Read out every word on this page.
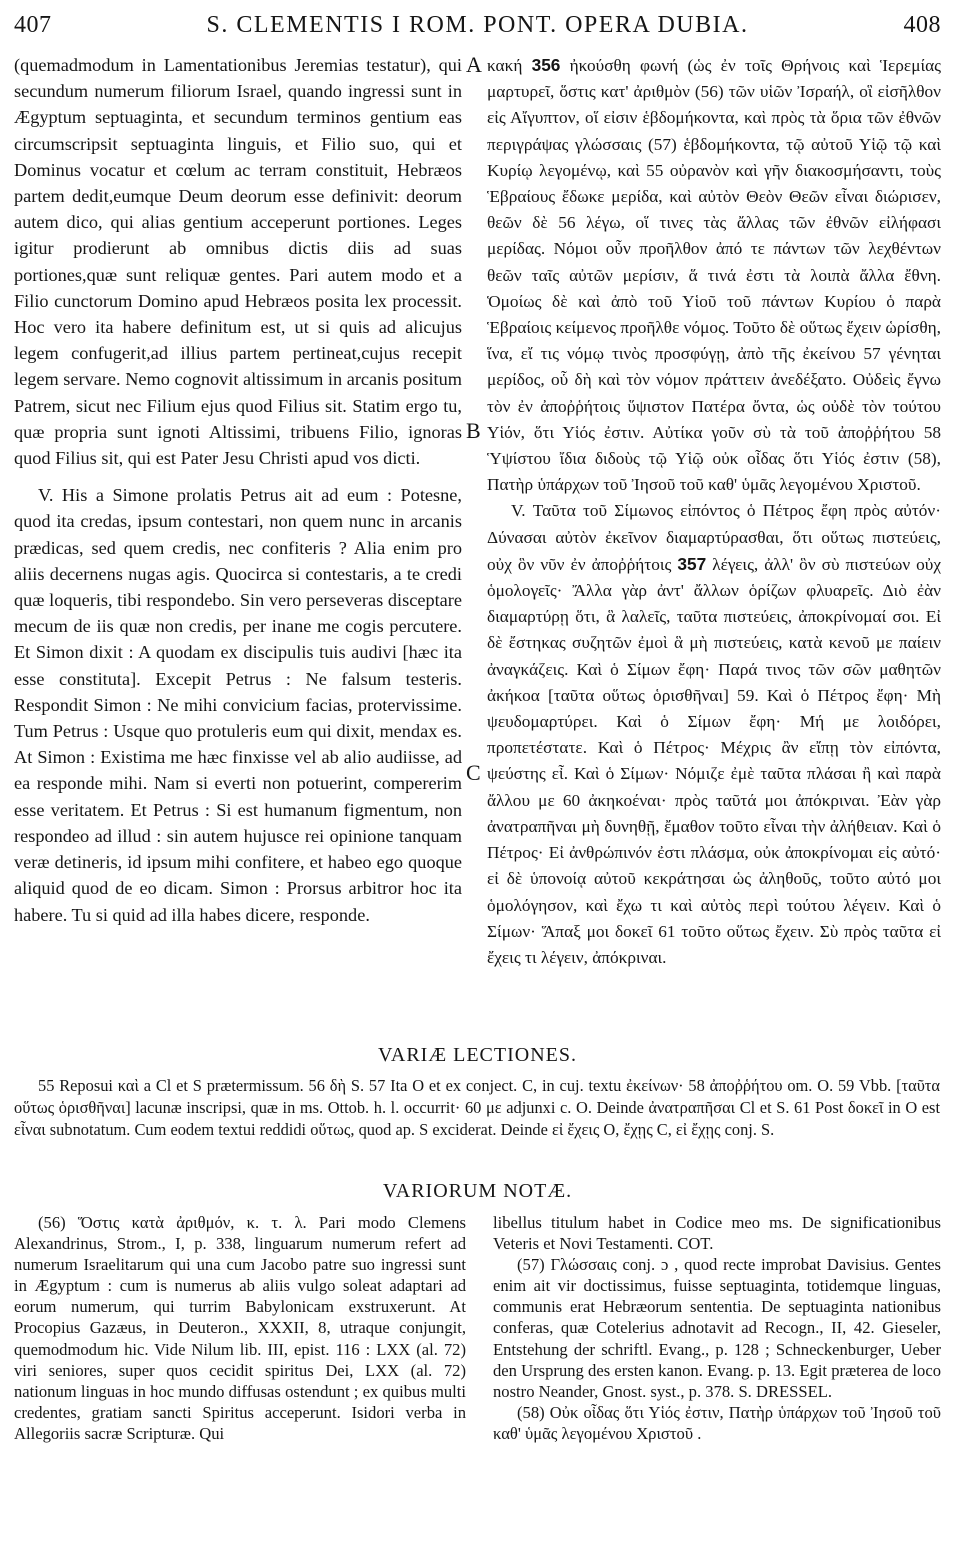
407	S. CLEMENTIS I ROM. PONT. OPERA DUBIA.	408

(quemadmodum in Lamentationibus Jeremias testatur), qui secundum numerum filiorum Israel, quando ingressi sunt in Ægyptum septuaginta, et secundum terminos gentium eas circumscripsit septuaginta linguis, et Filio suo, qui et Dominus vocatur et cœlum ac terram constituit, Hebræos partem dedit,eumque Deum deorum esse definivit: deorum autem dico, qui alias gentium acceperunt portiones. Leges igitur prodierunt ab omnibus dictis diis ad suas portiones,quæ sunt reliquæ gentes. Pari autem modo et a Filio cunctorum Domino apud Hebræos posita lex processit. Hoc vero ita habere definitum est, ut si quis ad alicujus legem confugerit,ad illius partem pertineat,cujus recepit legem servare. Nemo cognovit altissimum in arcanis positum Patrem, sicut nec Filium ejus quod Filius sit. Statim ergo tu, quæ propria sunt ignoti Altissimi, tribuens Filio, ignoras quod Filius sit, qui est Pater Jesu Christi apud vos dicti.

V. His a Simone prolatis Petrus ait ad eum : Potesne, quod ita credas, ipsum contestari, non quem nunc in arcanis prædicas, sed quem credis, nec confiteris ? Alia enim pro aliis decernens nugas agis. Quocirca si contestaris, a te credi quæ loqueris, tibi respondebo. Sin vero perseveras disceptare mecum de iis quæ non credis, per inane me cogis percutere. Et Simon dixit : A quodam ex discipulis tuis audivi [hæc ita esse constituta]. Excepit Petrus : Ne falsum testeris. Respondit Simon : Ne mihi convicium facias, protervissime. Tum Petrus : Usque quo protuleris eum qui dixit, mendax es. At Simon : Existima me hæc finxisse vel ab alio audiisse, ad ea responde mihi. Nam si everti non potuerint, compererim esse veritatem. Et Petrus : Si est humanum figmentum, non respondeo ad illud : sin autem hujusce rei opinione tanquam veræ detineris, id ipsum mihi confitere, et habeo ego quoque aliquid quod de eo dicam. Simon : Prorsus arbitror hoc ita habere. Tu si quid ad illa habes dicere, responde.

A
B
C

κακή 356 ἠκούσθη φωνή (ὡς ἐν τοῖς Θρήνοις καὶ Ἱερεμίας μαρτυρεῖ, ὅστις κατ' ἀριθμὸν (56) τῶν υἱῶν Ἰσραήλ, οἳ εἰσῆλθον εἰς Αἴγυπτον, οἵ εἰσιν ἑβδομήκοντα, καὶ πρὸς τὰ ὅρια τῶν ἐθνῶν περιγράψας γλώσσαις (57) ἑβδομήκοντα, τῷ αὐτοῦ Υἱῷ τῷ καὶ Κυρίῳ λεγομένῳ, καὶ 55 οὐρανὸν καὶ γῆν διακοσμήσαντι, τοὺς Ἑβραίους ἔδωκε μερίδα, καὶ αὐτὸν Θεὸν Θεῶν εἶναι διώρισεν, θεῶν δὲ 56 λέγω, οἵ τινες τὰς ἄλλας τῶν ἐθνῶν εἰλήφασι μερίδας. Νόμοι οὖν προῆλθον ἀπό τε πάντων τῶν λεχθέντων θεῶν ταῖς αὐτῶν μερίσιν, ἅ τινά ἐστι τὰ λοιπὰ ἄλλα ἔθνη. Ὁμοίως δὲ καὶ ἀπὸ τοῦ Υἱοῦ τοῦ πάντων Κυρίου ὁ παρὰ Ἑβραίοις κείμενος προῆλθε νόμος. Τοῦτο δὲ οὕτως ἔχειν ὡρίσθη, ἵνα, εἴ τις νόμῳ τινὸς προσφύγῃ, ἀπὸ τῆς ἐκείνου 57 γένηται μερίδος, οὗ δὴ καὶ τὸν νόμον πράττειν ἀνεδέξατο. Οὐδεὶς ἔγνω τὸν ἐν ἀποῤῥήτοις ὕψιστον Πατέρα ὄντα, ὡς οὐδὲ τὸν τούτου Υἱόν, ὅτι Υἱός ἐστιν. Αὐτίκα γοῦν σὺ τὰ τοῦ ἀποῤῥήτου 58 Ὑψίστου ἴδια διδοὺς τῷ Υἱῷ οὐκ οἶδας ὅτι Υἱός ἐστιν (58), Πατὴρ ὑπάρχων τοῦ Ἰησοῦ τοῦ καθ' ὑμᾶς λεγομένου Χριστοῦ.

V. Ταῦτα τοῦ Σίμωνος εἰπόντος ὁ Πέτρος ἔφη πρὸς αὐτόν· Δύνασαι αὐτὸν ἐκεῖνον διαμαρτύρασθαι, ὅτι οὕτως πιστεύεις, οὐχ ὃν νῦν ἐν ἀποῤῥήτοις 357 λέγεις, ἀλλ' ὃν σὺ πιστεύων οὐχ ὁμολογεῖς· Ἄλλα γὰρ ἀντ' ἄλλων ὁρίζων φλυαρεῖς. Διὸ ἐὰν διαμαρτύρῃ ὅτι, ἃ λαλεῖς, ταῦτα πιστεύεις, ἀποκρίνομαί σοι. Εἰ δὲ ἔστηκας συζητῶν ἐμοὶ ἃ μὴ πιστεύεις, κατὰ κενοῦ με παίειν ἀναγκάζεις. Καὶ ὁ Σίμων ἔφη· Παρά τινος τῶν σῶν μαθητῶν ἀκήκοα [ταῦτα οὕτως ὁρισθῆναι] 59. Καὶ ὁ Πέτρος ἔφη· Μὴ ψευδομαρτύρει. Καὶ ὁ Σίμων ἔφη· Μή με λοιδόρει, προπετέστατε. Καὶ ὁ Πέτρος· Μέχρις ἂν εἴπῃ τὸν εἰπόντα, ψεύστης εἶ. Καὶ ὁ Σίμων· Νόμιζε ἐμὲ ταῦτα πλάσαι ἢ καὶ παρὰ ἄλλου με 60 ἀκηκοέναι· πρὸς ταῦτά μοι ἀπόκριναι. Ἐὰν γὰρ ἀνατραπῆναι μὴ δυνηθῇ, ἔμαθον τοῦτο εἶναι τὴν ἀλήθειαν. Καὶ ὁ Πέτρος· Εἰ ἀνθρώπινόν ἐστι πλάσμα, οὐκ ἀποκρίνομαι εἰς αὐτό· εἰ δὲ ὑπονοίᾳ αὐτοῦ κεκράτησαι ὡς ἀληθοῦς, τοῦτο αὐτό μοι ὁμολόγησον, καὶ ἔχω τι καὶ αὐτὸς περὶ τούτου λέγειν. Καὶ ὁ Σίμων· Ἅπαξ μοι δοκεῖ 61 τοῦτο οὕτως ἔχειν. Σὺ πρὸς ταῦτα εἰ ἔχεις τι λέγειν, ἀπόκριναι.

VARIÆ LECTIONES.

55 Reposui καὶ a Cl et S prætermissum. 56 δὴ S. 57 Ita O et ex conject. C, in cuj. textu ἐκείνων· 58 ἀποῤῥήτου om. O. 59 Vbb. [ταῦτα οὕτως ὁρισθῆναι] lacunæ inscripsi, quæ in ms. Ottob. h. l. occurrit· 60 με adjunxi c. O. Deinde ἀνατραπῆσαι Cl et S. 61 Post δοκεῖ in O est εἶναι subnotatum. Cum eodem textui reddidi οὕτως, quod ap. S exciderat. Deinde εἰ ἔχεις O, ἔχῃς C, εἰ ἔχῃς conj. S.

VARIORUM NOTÆ.

(56) Ὅστις κατὰ ἀριθμόν, κ. τ. λ. Pari modo Clemens Alexandrinus, Strom., I, p. 338, linguarum numerum refert ad numerum Israelitarum qui una cum Jacobo patre suo ingressi sunt in Ægyptum : cum is numerus ab aliis vulgo soleat adaptari ad eorum numerum, qui turrim Babylonicam exstruxerunt. At Procopius Gazæus, in Deuteron., XXXII, 8, utraque conjungit, quemodmodum hic. Vide Nilum lib. III, epist. 116 : LXX (al. 72) viri seniores, super quos cecidit spiritus Dei, LXX (al. 72) nationum linguas in hoc mundo diffusas ostendunt ; ex quibus multi credentes, gratiam sancti Spiritus acceperunt. Isidori verba in Allegoriis sacræ Scripturæ. Qui

libellus titulum habet in Codice meo ms. De significationibus Veteris et Novi Testamenti. COT.

(57) Γλώσσαις conj. ɔ , quod recte improbat Davisius. Gentes enim ait vir doctissimus, fuisse septuaginta, totidemque linguas, communis erat Hebræorum sententia. De septuaginta nationibus conferas, quæ Cotelerius adnotavit ad Recogn., II, 42. Gieseler, Entstehung der schriftl. Evang., p. 128 ; Schneckenburger, Ueber den Ursprung des ersten kanon. Evang. p. 13. Egit præterea de loco nostro Neander, Gnost. syst., p. 378. S. DRESSEL.

(58) Οὐκ οἶδας ὅτι Υἱός ἐστιν, Πατὴρ ὑπάρχων τοῦ Ἰησοῦ τοῦ καθ' ὑμᾶς λεγομένου Χριστοῦ .
